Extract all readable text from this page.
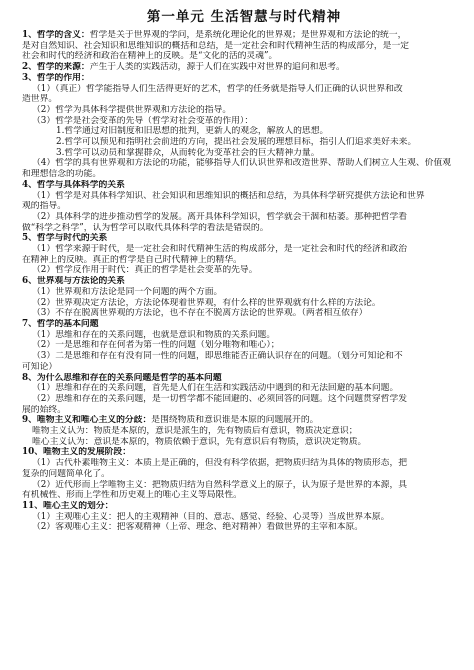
第一单元 生活智慧与时代精神
1、哲学的含义：哲学是关于世界观的学问，是系统化理论化的世界观；是世界观和方法论的统一，
是对自然知识、社会知识和思维知识的概括和总结，是一定社会和时代精神生活的构成部分，是一定
社会和时代的经济和政治在精神上的反映。是“文化的活的灵魂”。
2、哲学的来源：产生于人类的实践活动，源于人们在实践中对世界的追问和思考。
3、哲学的作用：
（1）（真正）哲学能指导人们生活得更好的艺术，哲学的任务就是指导人们正确的认识世界和改
造世界。
（2）哲学为具体科学提供世界观和方法论的指导。
（3）哲学是社会变革的先导（哲学对社会变革的作用）：
1.哲学通过对旧制度和旧思想的批判，更新人的观念，解放人的思想。
2.哲学可以预见和指明社会前进的方向，提出社会发展的理想目标，指引人们追求美好未来。
3.哲学可以动员和掌握群众，从而转化为变革社会的巨大精神力量。
（4）哲学的具有世界观和方法论的功能，能够指导人们认识世界和改造世界、帮助人们树立人生观、价值观
和理想信念的功能。
4、哲学与具体科学的关系
（1）哲学是对具体科学知识、社会知识和思维知识的概括和总结，为具体科学研究提供方法论和世界
观的指导。
（2）具体科学的进步推动哲学的发展。离开具体科学知识，哲学就会干涸和枯萎。那种把哲学看
做“科学之科学”，认为哲学可以取代具体科学的看法是错误的。
5、哲学与时代的关系
（1）哲学来源于时代，是一定社会和时代精神生活的构成部分，是一定社会和时代的经济和政治
在精神上的反映。真正的哲学是自己时代精神上的精华。
（2）哲学反作用于时代：真正的哲学是社会变革的先导。
6、世界观与方法论的关系
（1）世界观和方法论是同一个问题的两个方面。
（2）世界观决定方法论，方法论体现着世界观，有什么样的世界观就有什么样的方法论。
（3）不存在脱离世界观的方法论，也不存在不脱离方法论的世界观。（两者相互依存）
7、哲学的基本问题
（1）思维和存在的关系问题，也就是意识和物质的关系问题。
（2）一是思维和存在何者为第一性的问题（划分唯物和唯心）；
（3）二是思维和存在有没有同一性的问题，即思维能否正确认识存在的问题。（划分可知论和不
可知论）
8、为什么思维和存在的关系问题是哲学的基本问题
（1）思维和存在的关系问题，首先是人们在生活和实践活动中遇到的和无法回避的基本问题。
（2）思维和存在的关系问题，是一切哲学都不能回避的、必须回答的问题。这个问题贯穿哲学发
展的始终。
9、唯物主义和唯心主义的分歧：是围绕物质和意识谁是本原的问题展开的。
唯物主义认为：物质是本原的，意识是派生的，先有物质后有意识，物质决定意识；
唯心主义认为：意识是本原的，物质依赖于意识，先有意识后有物质，意识决定物质。
10、唯物主义的发展阶段：
（1）古代朴素唯物主义：本质上是正确的，但没有科学依据，把物质归结为具体的物质形态，把
复杂的问题简单化了。
（2）近代形而上学唯物主义：把物质归结为自然科学意义上的原子，认为原子是世界的本源，具
有机械性、形而上学性和历史观上的唯心主义等局限性。
11、唯心主义的划分：
（1）主观唯心主义：把人的主观精神（目的、意志、感觉、经验、心灵等）当成世界本原。
（2）客观唯心主义：把客观精神（上帝、理念、绝对精神）看做世界的主宰和本原。
